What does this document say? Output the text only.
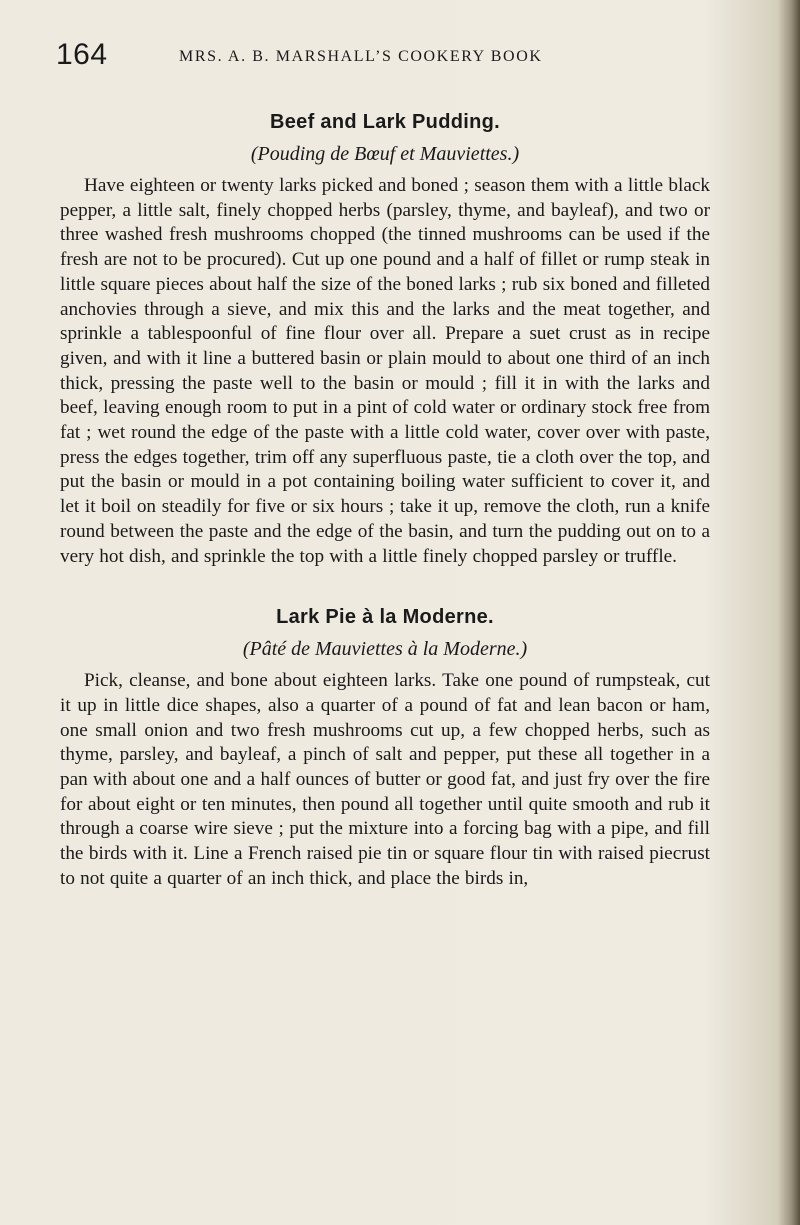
164	MRS. A. B. MARSHALL’S COOKERY BOOK
Beef and Lark Pudding.
(Pouding de Bœuf et Mauviettes.)

Have eighteen or twenty larks picked and boned ; season them with a little black pepper, a little salt, finely chopped herbs (parsley, thyme, and bayleaf), and two or three washed fresh mushrooms chopped (the tinned mushrooms can be used if the fresh are not to be procured). Cut up one pound and a half of fillet or rump steak in little square pieces about half the size of the boned larks ; rub six boned and filleted anchovies through a sieve, and mix this and the larks and the meat together, and sprinkle a tablespoonful of fine flour over all. Prepare a suet crust as in recipe given, and with it line a buttered basin or plain mould to about one third of an inch thick, pressing the paste well to the basin or mould ; fill it in with the larks and beef, leaving enough room to put in a pint of cold water or ordinary stock free from fat ; wet round the edge of the paste with a little cold water, cover over with paste, press the edges together, trim off any superfluous paste, tie a cloth over the top, and put the basin or mould in a pot containing boiling water sufficient to cover it, and let it boil on steadily for five or six hours ; take it up, remove the cloth, run a knife round between the paste and the edge of the basin, and turn the pudding out on to a very hot dish, and sprinkle the top with a little finely chopped parsley or truffle.

Lark Pie à la Moderne.
(Pâté de Mauviettes à la Moderne.)

Pick, cleanse, and bone about eighteen larks. Take one pound of rumpsteak, cut it up in little dice shapes, also a quarter of a pound of fat and lean bacon or ham, one small onion and two fresh mushrooms cut up, a few chopped herbs, such as thyme, parsley, and bayleaf, a pinch of salt and pepper, put these all together in a pan with about one and a half ounces of butter or good fat, and just fry over the fire for about eight or ten minutes, then pound all together until quite smooth and rub it through a coarse wire sieve ; put the mixture into a forcing bag with a pipe, and fill the birds with it. Line a French raised pie tin or square flour tin with raised piecrust to not quite a quarter of an inch thick, and place the birds in,
